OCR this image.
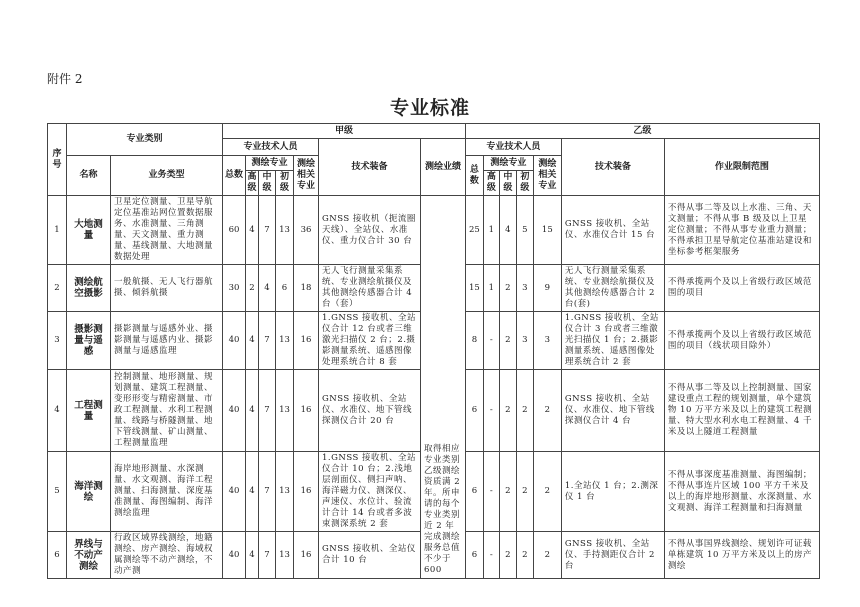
附件 2
专业标准
序号	专业类别		甲级							乙级						
			专业技术人员					技术装备	测绘业绩	专业技术人员					技术装备	作业限制范围
	名称	业务类型	总数	测绘专业			测绘相关专业			总数	测绘专业			测绘相关专业		
				高级	中级	初级					高级	中级	初级			
1	大地测量	卫星定位测量、卫星导航定位基准站网位置数据服务、水准测量、三角测量、天文测量、重力测量、基线测量、大地测量数据处理	60	4	7	13	36	GNSS 接收机（扼流圈天线）、全站仪、水准仪、重力仪合计 30 台	取得相应专业类别乙级测绘资质满 2 年。所申请的每个专业类别近 2 年完成测绘服务总值不少于 600	25	1	4	5	15	GNSS 接收机、全站仪、水准仪合计 15 台	不得从事二等及以上水准、三角、天文测量；不得从事 B 级及以上卫星定位测量；不得从事专业重力测量；不得承担卫星导航定位基准站建设和坐标参考框架服务
2	测绘航空摄影	一般航摄、无人飞行器航摄、倾斜航摄	30	2	4	6	18	无人飞行测量采集系统、专业测绘航摄仪及其他测绘传感器合计 4 台（套）		15	1	2	3	9	无人飞行测量采集系统、专业测绘航摄仪及其他测绘传感器合计 2 台(套)	不得承揽两个及以上省级行政区域范围的项目
3	摄影测量与遥感	摄影测量与遥感外业、摄影测量与遥感内业、摄影测量与遥感监理	40	4	7	13	16	1.GNSS 接收机、全站仪合计 12 台或者三维激光扫描仪 2 台；2.摄影测量系统、遥感图像处理系统合计 8 套		8	-	2	3	3	1.GNSS 接收机、全站仪合计 3 台或者三维激光扫描仪 1 台；2.摄影测量系统、遥感图像处理系统合计 2 套	不得承揽两个及以上省级行政区域范围的项目（线状项目除外）
4	工程测量	控制测量、地形测量、规划测量、建筑工程测量、变形形变与精密测量、市政工程测量、水利工程测量、线路与桥隧测量、地下管线测量、矿山测量、工程测量监理	40	4	7	13	16	GNSS 接收机、全站仪、水准仪、地下管线探测仪合计 20 台		6	-	2	2	2	GNSS 接收机、全站仪、水准仪、地下管线探测仪合计 4 台	不得从事二等及以上控制测量、国家建设重点工程的规划测量，单个建筑物 10 万平方米及以上的建筑工程测量、特大型水利水电工程测量、4 千米及以上隧道工程测量
5	海洋测绘	海岸地形测量、水深测量、水文观测、海洋工程测量、扫海测量、深度基准测量、海图编制、海洋测绘监理	40	4	7	13	16	1.GNSS 接收机、全站仪合计 10 台；2.浅地层剖面仪、侧扫声呐、海洋磁力仪、测深仪、声速仪、水位计、验流计合计 14 台或者多波束测深系统 2 套		6	-	2	2	2	1.全站仪 1 台；2.测深仪 1 台	不得从事深度基准测量、海图编制；不得从事连片区域 100 平方千米及以上的海岸地形测量、水深测量、水文观测、海洋工程测量和扫海测量
6	界线与不动产测绘	行政区域界线测绘，地籍测绘、房产测绘、海域权属测绘等不动产测绘，不动产测	40	4	7	13	16	GNSS 接收机、全站仪合计 10 台		6	-	2	2	2	GNSS 接收机、全站仪、手持测距仪合计 2 台	不得从事国界线测绘、规划许可证载单栋建筑 10 万平方米及以上的房产测绘
